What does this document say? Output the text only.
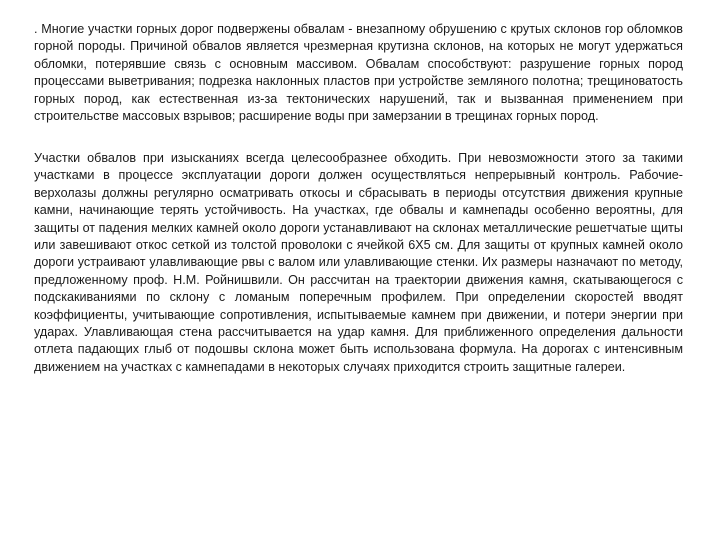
. Многие участки горных дорог подвержены обвалам - внезапному обрушению с крутых склонов гор обломков горной породы. Причиной обвалов является чрезмерная крутизна склонов, на которых не могут удержаться обломки, потерявшие связь с основным массивом. Обвалам способствуют: разрушение горных пород процессами выветривания; подрезка наклонных пластов при устройстве земляного полотна; трещиноватость горных пород, как естественная из-за тектонических нарушений, так и вызванная применением при строительстве массовых взрывов; расширение воды при замерзании в трещинах горных пород.

Участки обвалов при изысканиях всегда целесообразнее обходить. При невозможности этого за такими участками в процессе эксплуатации дороги должен осуществляться непрерывный контроль. Рабочие-верхолазы должны регулярно осматривать откосы и сбрасывать в периоды отсутствия движения крупные камни, начинающие терять устойчивость. На участках, где обвалы и камнепады особенно вероятны, для защиты от падения мелких камней около дороги устанавливают на склонах металлические решетчатые щиты или завешивают откос сеткой из толстой проволоки с ячейкой 6Х5 см. Для защиты от крупных камней около дороги устраивают улавливающие рвы с валом или улавливающие стенки. Их размеры назначают по методу, предложенному проф. Н.М. Ройнишвили. Он рассчитан на траектории движения камня, скатывающегося с подскакиваниями по склону с ломаным поперечным профилем. При определении скоростей вводят коэффициенты, учитывающие сопротивления, испытываемые камнем при движении, и потери энергии при ударах. Улавливающая стена рассчитывается на удар камня. Для приближенного определения дальности отлета падающих глыб от подошвы склона может быть использована формула. На дорогах с интенсивным движением на участках с камнепадами в некоторых случаях приходится строить защитные галереи.
